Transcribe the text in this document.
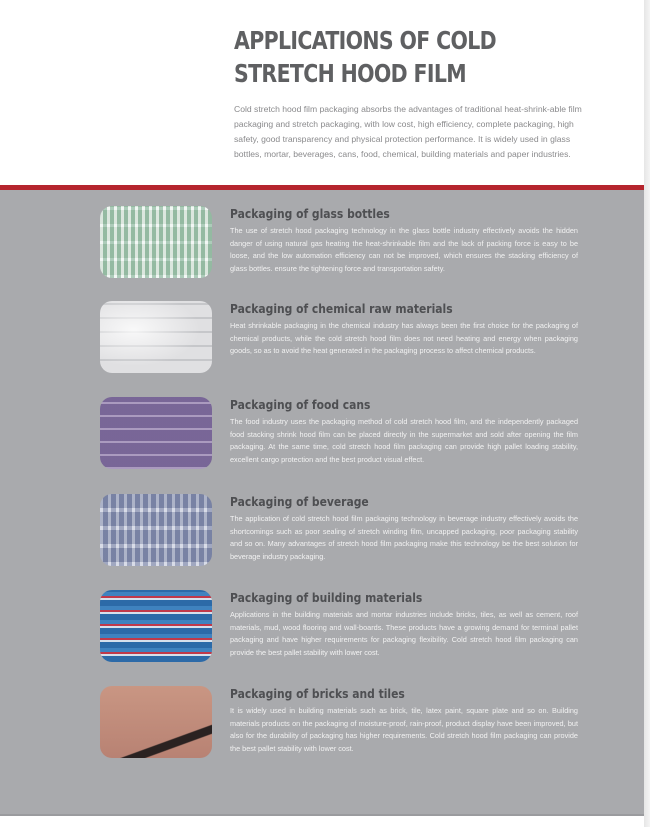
APPLICATIONS OF COLD
STRETCH HOOD FILM

Cold stretch hood film packaging absorbs the advantages of traditional heat-shrink-able film packaging and stretch packaging, with low cost, high efficiency, complete packaging, high safety, good transparency and physical protection performance. It is widely used in glass bottles, mortar, beverages, cans, food, chemical, building materials and paper industries.

Packaging of glass bottles

The use of stretch hood packaging technology in the glass bottle industry effectively avoids the hidden danger of using natural gas heating the heat-shrinkable film and the lack of packing force is easy to be loose, and the low automation efficiency can not be improved, which ensures the stacking efficiency of glass bottles. ensure the tightening force and transportation safety.

Packaging of chemical raw materials

Heat shrinkable packaging in the chemical industry has always been the first choice for the packaging of chemical products, while the cold stretch hood film does not need heating and energy when packaging goods, so as to avoid the heat generated in the packaging process to affect chemical products.

Packaging of food cans

The food industry uses the packaging method of cold stretch hood film, and the independently packaged food stacking shrink hood film can be placed directly in the supermarket and sold after opening the film packaging. At the same time, cold stretch hood film packaging can provide high pallet loading stability, excellent cargo protection and the best product visual effect.

Packaging of beverage

The application of cold stretch hood film packaging technology in beverage industry effectively avoids the shortcomings such as poor sealing of stretch winding film, uncapped packaging, poor packaging stability and so on. Many advantages of stretch hood film packaging make this technology be the best solution for beverage industry packaging.

Packaging of building materials

Applications in the building materials and mortar industries include bricks, tiles, as well as cement, roof materials, mud, wood flooring and wall-boards. These products have a growing demand for terminal pallet packaging and have higher requirements for packaging flexibility. Cold stretch hood film packaging can provide the best pallet stability with lower cost.

Packaging of bricks and tiles

It is widely used in building materials such as brick, tile, latex paint, square plate and so on. Building materials products on the packaging of moisture-proof, rain-proof, product display have been improved, but also for the durability of packaging has higher requirements. Cold stretch hood film packaging can provide the best pallet stability with lower cost.
